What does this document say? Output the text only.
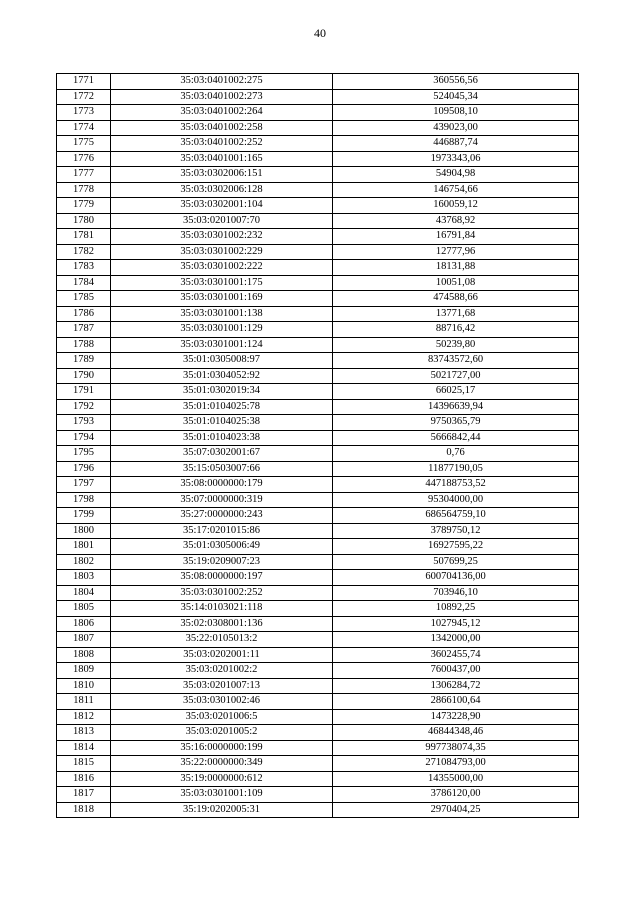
40
1771	35:03:0401002:275	360556,56
1772	35:03:0401002:273	524045,34
1773	35:03:0401002:264	109508,10
1774	35:03:0401002:258	439023,00
1775	35:03:0401002:252	446887,74
1776	35:03:0401001:165	1973343,06
1777	35:03:0302006:151	54904,98
1778	35:03:0302006:128	146754,66
1779	35:03:0302001:104	160059,12
1780	35:03:0201007:70	43768,92
1781	35:03:0301002:232	16791,84
1782	35:03:0301002:229	12777,96
1783	35:03:0301002:222	18131,88
1784	35:03:0301001:175	10051,08
1785	35:03:0301001:169	474588,66
1786	35:03:0301001:138	13771,68
1787	35:03:0301001:129	88716,42
1788	35:03:0301001:124	50239,80
1789	35:01:0305008:97	83743572,60
1790	35:01:0304052:92	5021727,00
1791	35:01:0302019:34	66025,17
1792	35:01:0104025:78	14396639,94
1793	35:01:0104025:38	9750365,79
1794	35:01:0104023:38	5666842,44
1795	35:07:0302001:67	0,76
1796	35:15:0503007:66	11877190,05
1797	35:08:0000000:179	447188753,52
1798	35:07:0000000:319	95304000,00
1799	35:27:0000000:243	686564759,10
1800	35:17:0201015:86	3789750,12
1801	35:01:0305006:49	16927595,22
1802	35:19:0209007:23	507699,25
1803	35:08:0000000:197	600704136,00
1804	35:03:0301002:252	703946,10
1805	35:14:0103021:118	10892,25
1806	35:02:0308001:136	1027945,12
1807	35:22:0105013:2	1342000,00
1808	35:03:0202001:11	3602455,74
1809	35:03:0201002:2	7600437,00
1810	35:03:0201007:13	1306284,72
1811	35:03:0301002:46	2866100,64
1812	35:03:0201006:5	1473228,90
1813	35:03:0201005:2	46844348,46
1814	35:16:0000000:199	997738074,35
1815	35:22:0000000:349	271084793,00
1816	35:19:0000000:612	14355000,00
1817	35:03:0301001:109	3786120,00
1818	35:19:0202005:31	2970404,25
